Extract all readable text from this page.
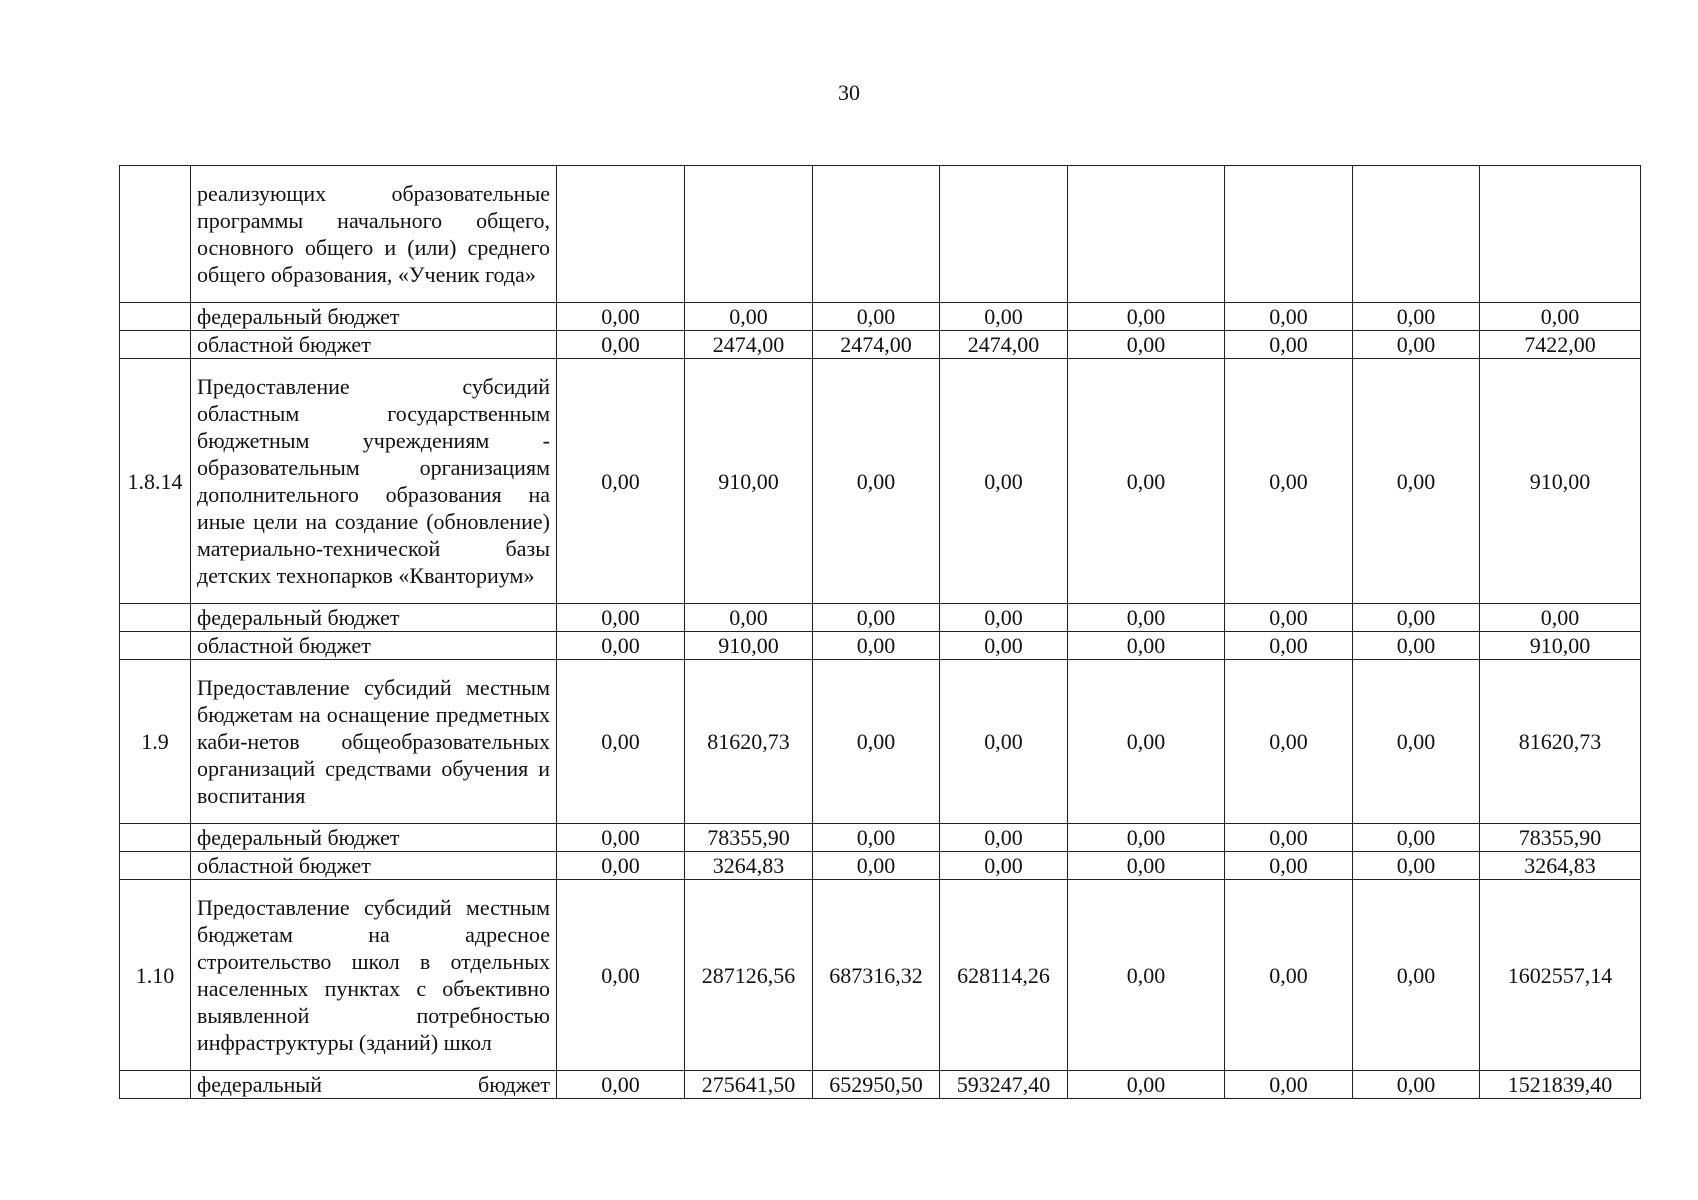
30
	реализующих образовательные программы начального общего, основного общего и (или) среднего общего образования, «Ученик года»								
	федеральный бюджет	0,00	0,00	0,00	0,00	0,00	0,00	0,00	0,00
	областной бюджет	0,00	2474,00	2474,00	2474,00	0,00	0,00	0,00	7422,00
1.8.14	Предоставление субсидий областным государственным бюджетным учреждениям - образовательным организациям дополнительного образования на иные цели на создание (обновление) материально-технической базы детских технопарков «Кванториум»	0,00	910,00	0,00	0,00	0,00	0,00	0,00	910,00
	федеральный бюджет	0,00	0,00	0,00	0,00	0,00	0,00	0,00	0,00
	областной бюджет	0,00	910,00	0,00	0,00	0,00	0,00	0,00	910,00
1.9	Предоставление субсидий местным бюджетам на оснащение предметных каби-нетов общеобразовательных организаций средствами обучения и воспитания	0,00	81620,73	0,00	0,00	0,00	0,00	0,00	81620,73
	федеральный бюджет	0,00	78355,90	0,00	0,00	0,00	0,00	0,00	78355,90
	областной бюджет	0,00	3264,83	0,00	0,00	0,00	0,00	0,00	3264,83
1.10	Предоставление субсидий местным бюджетам на адресное строительство школ в отдельных населенных пунктах с объективно выявленной потребностью инфраструктуры (зданий) школ	0,00	287126,56	687316,32	628114,26	0,00	0,00	0,00	1602557,14
	федеральный бюджет	0,00	275641,50	652950,50	593247,40	0,00	0,00	0,00	1521839,40
